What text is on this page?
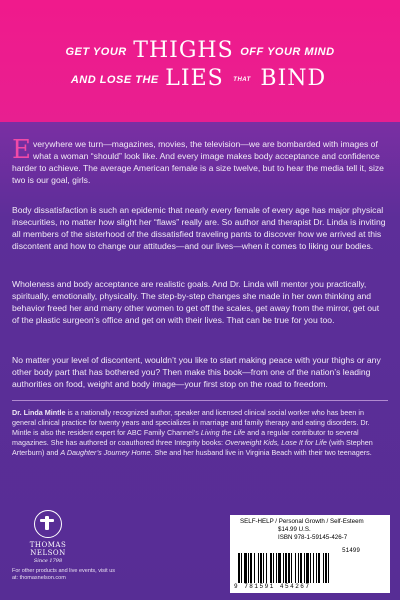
GET YOUR THIGHS OFF YOUR MIND
AND LOSE THE LIES THAT BIND
Everywhere we turn—magazines, movies, the television—we are bombarded with images of what a woman “should” look like. And every image makes body acceptance and confidence harder to achieve. The average American female is a size twelve, but to hear the media tell it, size two is our goal, girls.
Body dissatisfaction is such an epidemic that nearly every female of every age has major physical insecurities, no matter how slight her “flaws” really are. So author and therapist Dr. Linda is inviting all members of the sisterhood of the dissatisfied traveling pants to discover how we arrived at this discontent and how to change our attitudes—and our lives—when it comes to liking our bodies.
Wholeness and body acceptance are realistic goals. And Dr. Linda will mentor you practically, spiritually, emotionally, physically. The step-by-step changes she made in her own thinking and behavior freed her and many other women to get off the scales, get away from the mirror, get out of the plastic surgeon’s office and get on with their lives. That can be true for you too.
No matter your level of discontent, wouldn’t you like to start making peace with your thighs or any other body part that has bothered you? Then make this book—from one of the nation’s leading authorities on food, weight and body image—your first stop on the road to freedom.
Dr. Linda Mintle is a nationally recognized author, speaker and licensed clinical social worker who has been in general clinical practice for twenty years and specializes in marriage and family therapy and eating disorders. Dr. Mintle is also the resident expert for ABC Family Channel’s Living the Life and a regular contributor to several magazines. She has authored or coauthored three Integrity books: Overweight Kids, Lose It for Life (with Stephen Arterburn) and A Daughter’s Journey Home. She and her husband live in Virginia Beach with their two teenagers.
THOMAS NELSON
Since 1798
For other products and live events, visit us at: thomasnelson.com
SELF-HELP / Personal Growth / Self-Esteem
$14.99 U.S.
ISBN 978-1-59145-426-7
51499
9 781591 454267
